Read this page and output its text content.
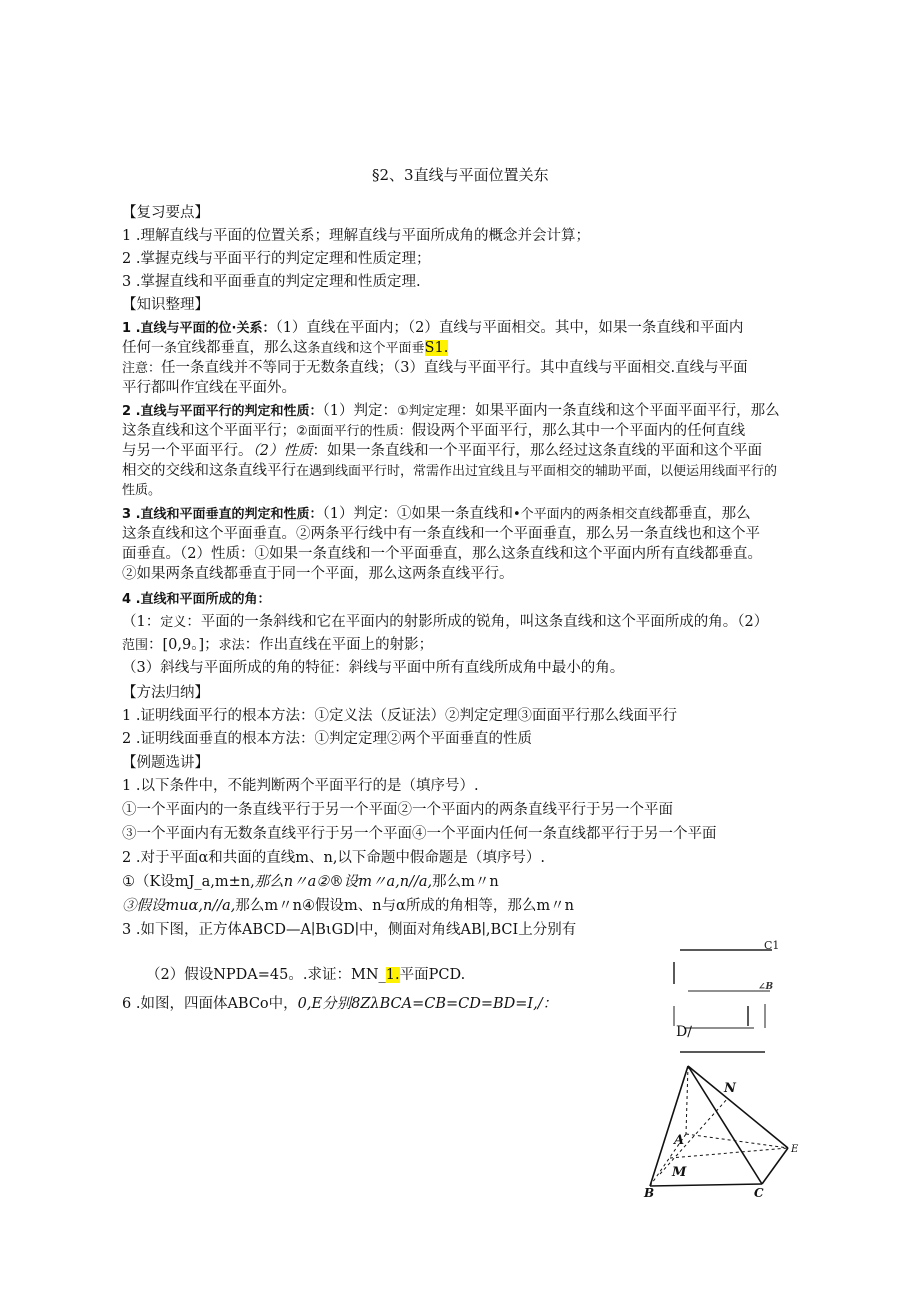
§2、3直线与平面位置关东
【复习要点】
1 .理解直线与平面的位置关系；理解直线与平面所成角的概念并会计算；
2 .掌握克线与平面平行的判定定理和性质定理；
3 .掌握直线和平面垂直的判定定理和性质定理.
【知识整理】
1 .直线与平面的位·关系：（1）直线在平面内；（2）直线与平面相交。其中，如果一条直线和平面内
任何一条宜线都垂直，那么这条直线和这个平面垂S1.
注意：任一条直线并不等同于无数条直线；（3）直线与平面平行。其中直线与平面相交.直线与平面
平行都叫作宜线在平面外。
2 .直线与平面平行的判定和性质：（1）判定：①判定定理：如果平面内一条直线和这个平面平面平行，那么
这条直线和这个平面平行；②面面平行的性质：假设两个平面平行，那么其中一个平面内的任何直线
与另一个平面平行。（2）性质：如果一条直线和一个平面平行，那么经过这条直线的平面和这个平面
相交的交线和这条直线平行在遇到线面平行时，常需作出过宜线且与平面相交的辅助平面，以便运用线面平行的
性质。
3 .直线和平面垂直的判定和性质：（1）判定：①如果一条直线和•个平面内的两条相交直线都垂直，那么
这条直线和这个平面垂直。②两条平行线中有一条直线和一个平面垂直，那么另一条直线也和这个平
面垂直。（2）性质：①如果一条直线和一个平面垂直，那么这条直线和这个平面内所有直线都垂直。
②如果两条直线都垂直于同一个平面，那么这两条直线平行。
4 .直线和平面所成的角：
（1：定义：平面的一条斜线和它在平面内的射影所成的锐角，叫这条直线和这个平面所成的角。（2）
范围：[0,9。]；求法：作出直线在平面上的射影；
（3）斜线与平面所成的角的特征：斜线与平面中所有直线所成角中最小的角。
【方法归纳】
1 .证明线面平行的根本方法：①定义法（反证法）②判定定理③面面平行那么线面平行
2 .证明线面垂直的根本方法：①判定定理②两个平面垂直的性质
【例题选讲】
1 .以下条件中，不能判断两个平面平行的是（填序号）.
①一个平面内的一条直线平行于另一个平面②一个平面内的两条直线平行于另一个平面
③一个平面内有无数条直线平行于另一个平面④一个平面内任何一条直线都平行于另一个平面
2 .对于平面α和共面的直线m、n,以下命题中假命题是（填序号）.
①（K设mJ_a,m±n,那么n〃a②®设m〃a,n//a,那么m〃n
③假设muα,n//a,那么m〃n④假设m、n与α所成的角相等，那么m〃n
3 .如下图，正方体ABCD—A∣BιGD∣中，侧面对角线AB∣,BCI上分别有
（2）假设NPDA=45。.求证：MN_1.平面PCD.
6 .如图，四面体ABCo中，0,E分别8ZλBCA=CB=CD=BD=I,/：
C1
∠B
D∕
N
A
M
B	C
E
